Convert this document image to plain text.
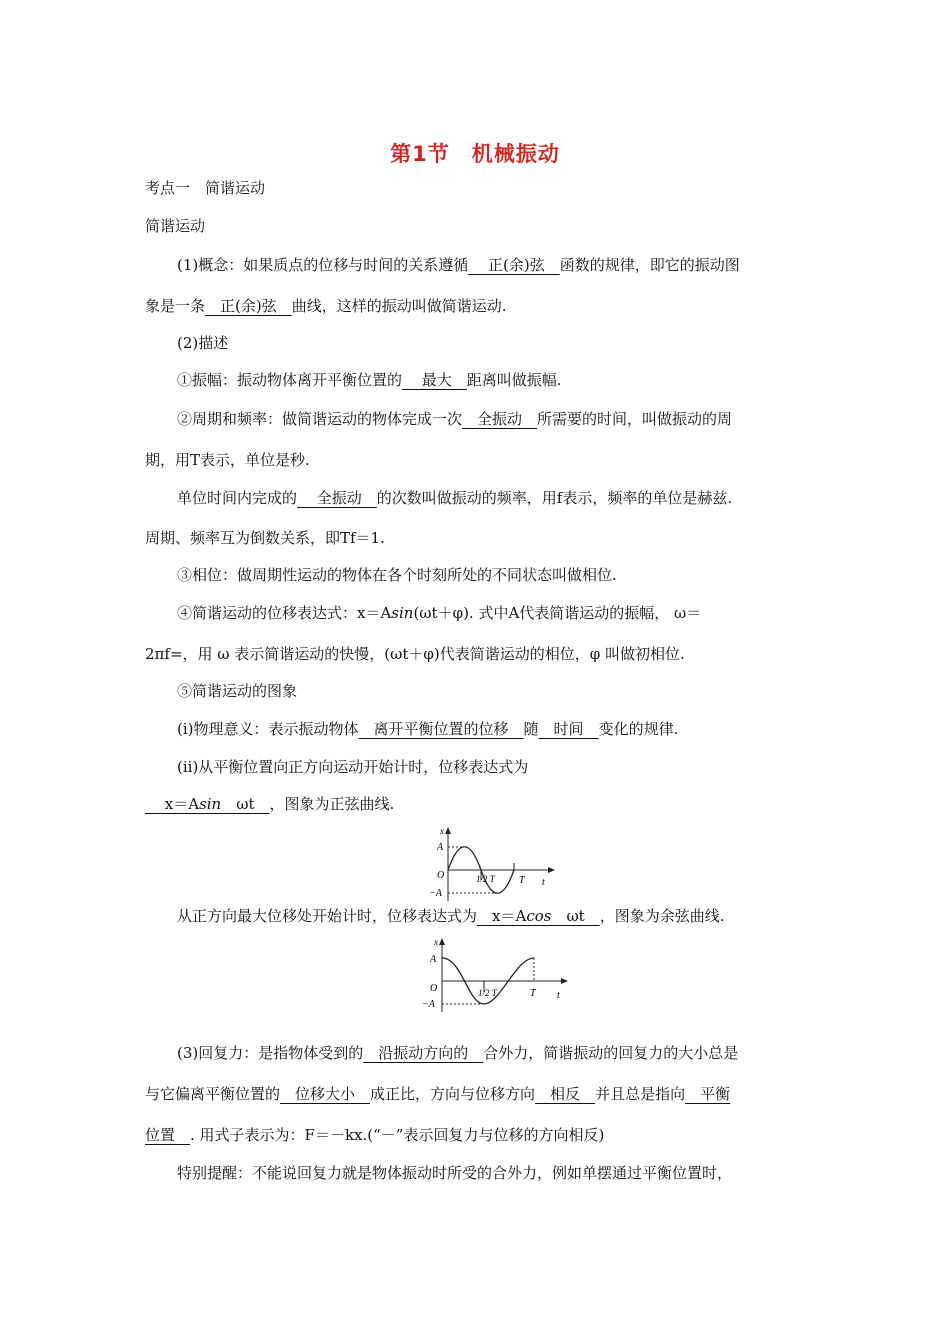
第1节　机械振动
考点一　简谐运动
简谐运动
(1)概念：如果质点的位移与时间的关系遵循　 正(余)弦　函数的规律，即它的振动图
象是一条　正(余)弦　曲线，这样的振动叫做简谐运动.
(2)描述
①振幅：振动物体离开平衡位置的　 最大　距离叫做振幅.
②周期和频率：做简谐运动的物体完成一次　全振动　所需要的时间，叫做振动的周
期，用T表示，单位是秒.
单位时间内完成的　 全振动　的次数叫做振动的频率，用f表示，频率的单位是赫兹.
周期、频率互为倒数关系，即Tf＝1.
③相位：做周期性运动的物体在各个时刻所处的不同状态叫做相位.
④简谐运动的位移表达式：x＝Asin(ωt＋φ). 式中A代表简谐运动的振幅， ω＝
2πf=，用 ω 表示简谐运动的快慢，(ωt＋φ)代表简谐运动的相位，φ 叫做初相位.
⑤简谐运动的图象
(ⅰ)物理意义：表示振动物体　离开平衡位置的位移　随　时间　变化的规律.
(ⅱ)从平衡位置向正方向运动开始计时，位移表达式为
　 x＝Asin　ωt　，图象为正弦曲线.
x
A
O
−A
1/2 T T t
从正方向最大位移处开始计时，位移表达式为　x＝Acos　ωt　，图象为余弦曲线.
x
A
O
−A
1/2 T	T t
(3)回复力：是指物体受到的　沿振动方向的　合外力，简谐振动的回复力的大小总是
与它偏离平衡位置的　位移大小　成正比，方向与位移方向　相反　并且总是指向　平衡
位置　. 用式子表示为：F＝－kx.(“－”表示回复力与位移的方向相反)
特别提醒：不能说回复力就是物体振动时所受的合外力，例如单摆通过平衡位置时，
